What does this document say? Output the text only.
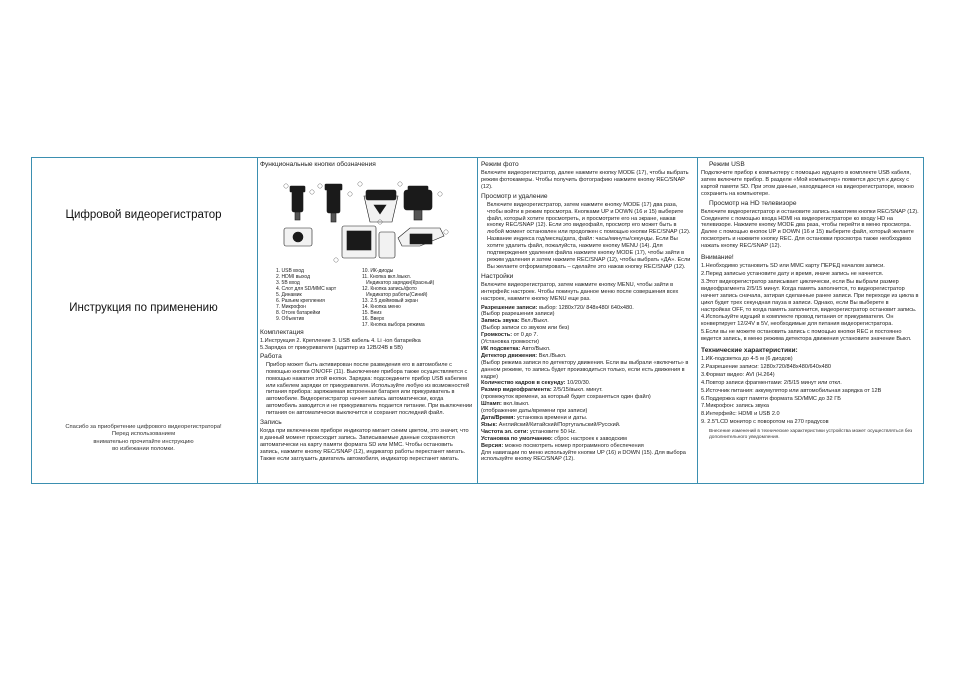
Цифровой видеорегистратор
Инструкция по применению
Спасибо за приобретение цифрового видеорегистратора!
Перед использованием
внимательно прочитайте инструкцию
во избежании поломки.
Функциональные кнопки обозначения
1. USB вход
2. HDMI выход
3. 5В вход
4. Слот для SD/MMC карт
5. Динамик
6. Разъем крепления
7. Микрофон
8. Отсек батарейки
9. Объектив
10. ИК-диоды
11. Кнопка вкл./выкл.
Индикатор зарядки(Красный)
12. Кнопка запись/фото
Индикатор работы(Синий)
13. 2.5 дюймовый экран
14. Кнопка меню
15. Вниз
16. Вверх
17. Кнопка выбора режима
Комплектация

1.Инструкция 2. Крепление 3. USB кабель 4. Li -ion батарейка

5.Зарядка от прикуривателя (адаптер из 12В/24В в 5В)

Работа

Прибор может быть активирован после разведения его в автомобиле с помощью кнопки ON/OFF (11). Выключение прибора также осуществляется с помощью нажатия этой кнопки. Зарядка: подсоедините прибор USB кабелем или кабелем зарядки от прикуривателя. Используйте любую из возможностей питания прибора: заряжаемая встроенная батарея или прикуриватель в автомобиле. Видеорегистратор начнет запись автоматически, когда автомобиль заводится и не прикуриватель подается питание. При выключении питания он автоматически выключится и сохранит последний файл.

Запись

Когда при включенном приборе индикатор мигает синим цветом, это значит, что в данный момент происходит запись. Записываемые данные сохраняются автоматически на карту памяти формата SD или MMC. Чтобы остановить запись, нажмите кнопку REC/SNAP (12), индикатор работы перестанет мигать. Также если заглушить двигатель автомобиля, индикатор перестанет мигать.

Режим фото

Включите видеорегистратор, далее нажмите кнопку MODE (17), чтобы выбрать режим фотокамеры. Чтобы получить фотографию нажмите кнопку REC/SNAP (12).

Просмотр и удаление

Включите видеорегистратор, затем нажмите кнопку MODE (17) два раза, чтобы войти в режим просмотра. Кнопками UP и DOWN (16 и 15) выберите файл, который хотите просмотреть, и просмотрите его на экране, нажав кнопку REC/SNAP (12). Если это видеофайл, просмотр его может быть в любой момент остановлен или продолжен с помощью кнопки REC/SNAP (12). Название индекса год/месяц/дата, файл: часы/минуты/секунды. Если Вы хотите удалить файл, пожалуйста, нажмите кнопку MENU (14). Для подтверждения удаления файла нажмите кнопку MODE (17), чтобы зайти в режим удаления и затем нажмите REC/SNAP (12), чтобы выбрать «ДА». Если Вы желаете отформатировать – сделайте это нажав кнопку REC/SNAP (12).

Настройки

Включите видеорегистратор, затем нажмите кнопку MENU, чтобы зайти в интерфейс настроек. Чтобы покинуть данное меню после совершения всех настроек, нажмите кнопку MENU еще раз.

Разрешение записи: выбор: 1280x720/ 848x480/ 640x480.

(Выбор разрешения записи)

Запись звука: Вкл./Выкл.

(Выбор записи со звуком или без)

Громкость: от 0 до 7.

(Установка громкости)

ИК подсветка: Авто/Выкл.

Детектор движения: Вкл./Выкл.

(Выбор режима записи по детектору движения. Если вы выбрали «включить» в данном режиме, то запись будет производиться только, если есть движения в кадре)

Количество кадров в секунду: 10/20/30.

Размер видеофрагмента: 2/5/15/выкл. минут.

(промежуток времени, за который будет сохраняться один файл)

Штамп: вкл./выкл.

(отображение даты/времени при записи)

Дата/Время: установка времени и даты.

Язык: Английский/Китайский/Португальский/Русский.

Частота эл. сети: установите 50 Hz.

Установка по умолчанию: сброс настроек к заводским

Версия: можно посмотреть номер программного обеспечения

Для навигации по меню используйте кнопки UP (16) и DOWN (15). Для выбора используйте кнопку REC/SNAP (12).

Режим USB

Подключите прибор к компьютеру с помощью идущего в комплекте USB кабеля, затем включите прибор. В разделе «Мой компьютер» появится доступ к диску с картой памяти SD. При этом данные, находящиеся на видеорегистраторе, можно сохранить на компьютере.

Просмотр на HD телевизоре

Включите видеорегистратор и остановите запись нажатием кнопки REC/SNAP (12). Соедините с помощью входа HDMI на видеорегистраторе ко входу HD на телевизоре. Нажмите кнопку MODE два раза, чтобы перейти в меню просмотра. Далее с помощью кнопок UP и DOWN (16 и 15) выберите файл, который желаете посмотреть и нажмите кнопку REC. Для остановки просмотра также необходимо нажать кнопку REC/SNAP (12).

Внимание!
1.Необходимо установить SD или MMC карту ПЕРЕД началом записи.
2.Перед записью установите дату и время, иначе запись не начнется.
3.Этот видеорегистратор записывает циклически, если Вы выбрали размер видеофрагмента 2/5/15 минут. Когда память заполнится, то видеорегистратор начнет запись сначала, затирая сделанные ранее записи. При переходе из цикла в цикл будет треx секундная пауза в записи. Однако, если Вы выберете в настройках OFF, то когда память заполнится, видеорегистратор остановит запись.
4.Используйте идущий в комплекте провод питания от прикуривателя. Он конвертирует 12/24V в 5V, необходимые для питания видеорегистратора.
5.Если вы не можете остановить запись с помощью кнопки REC и постоянно ведется запись, в меню режима детектора движения установите значение Выкл.
Технические характеристики:
1.ИК-подсветка до 4-5 м (6 диодов)
2.Разрешение записи: 1280x720/848x480/640x480
3.Формат видео: AVI (H.264)
4.Повтор записи фрагментами: 2/5/15 минут или откл.
5.Источник питания: аккумулятор или автомобильная зарядка от 12В
6.Поддержка карт памяти формата SD/MMC до 32 ГБ
7.Микрофон: запись звука
8.Интерфейс: HDMI и USB 2.0
9. 2.5"LCD монитор с поворотом на 270 градусов
Внесение изменений в технические характеристики устройства может осуществляться без дополнительного уведомления.
